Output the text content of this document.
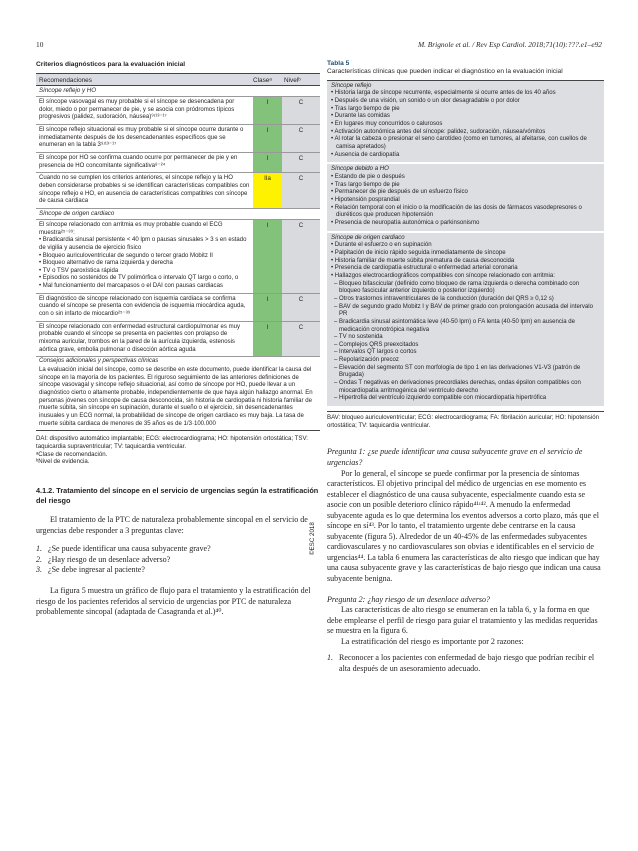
10	M. Brignole et al. / Rev Esp Cardiol. 2018;71(10):???.e1–e92
Criterios diagnósticos para la evaluación inicial
Recomendaciones	Claseᵃ Nivelᵇ
Síncope reflejo y HO
El síncope vasovagal es muy probable si el síncope se desencadena por dolor, miedo o por permanecer de pie, y se asocia con pródromos típicos progresivos (palidez, sudoración, náusea)⁹ʴ¹³⁻¹⁷
I	C
El síncope reflejo situacional es muy probable si el síncope ocurre durante o inmediatamente después de los desencadenantes específicos que se enumeran en la tabla 3⁹ʴ¹³⁻¹⁷
I	C
El síncope por HO se confirma cuando ocurre por permanecer de pie y en presencia de HO concomitante significativa⁸⁻²⁴
I	C
Cuando no se cumplen los criterios anteriores, el síncope reflejo y la HO deben considerarse probables si se identifican características compatibles con síncope reflejo e HO, en ausencia de características compatibles con síncope de causa cardiaca
IIa	C
Síncope de origen cardiaco
El síncope relacionado con arritmia es muy probable cuando el ECG muestra²⁵⁻³⁹:
• Bradicardia sinusal persistente < 40 lpm o pausas sinusales > 3 s en estado de vigilia y ausencia de ejercicio físico
• Bloqueo auriculoventricular de segundo o tercer grado Mobitz II
• Bloqueo alternativo de rama izquierda y derecha
• TV o TSV paroxística rápida
• Episodios no sostenidos de TV polimórfica o intervalo QT largo o corto, o
• Mal funcionamiento del marcapasos o el DAI con pausas cardiacas
I	C
El diagnóstico de síncope relacionado con isquemia cardiaca se confirma cuando el síncope se presenta con evidencia de isquemia miocárdica aguda, con o sin infarto de miocardio²⁵⁻³⁹
I	C
El síncope relacionado con enfermedad estructural cardiopulmonar es muy probable cuando el síncope se presenta en pacientes con prolapso de mixoma auricular, trombos en la pared de la aurícula izquierda, estenosis aórtica grave, embolia pulmonar o disección aórtica aguda
I	C
Consejos adicionales y perspectivas clínicas
La evaluación inicial del síncope, como se describe en este documento, puede identificar la causa del síncope en la mayoría de los pacientes. El riguroso seguimiento de las anteriores definiciones de síncope vasovagal y síncope reflejo situacional, así como de síncope por HO, puede llevar a un diagnóstico cierto o altamente probable, independientemente de que haya algún hallazgo anormal. En personas jóvenes con síncope de causa desconocida, sin historia de cardiopatía ni historia familiar de muerte súbita, sin síncope en supinación, durante el sueño o el ejercicio, sin desencadenantes inusuales y un ECG normal, la probabilidad de síncope de origen cardiaco es muy baja. La tasa de muerte súbita cardiaca de menores de 35 años es de 1/3·100.000
DAI: dispositivo automático implantable; ECG: electrocardiograma; HO: hipotensión ortostática; TSV: taquicardia supraventricular; TV: taquicardia ventricular.
ᵃClase de recomendación.
ᵇNivel de evidencia.
4.1.2. Tratamiento del síncope en el servicio de urgencias según la estratificación del riesgo

El tratamiento de la PTC de naturaleza probablemente sincopal en el servicio de urgencias debe responder a 3 preguntas clave:

1. ¿Se puede identificar una causa subyacente grave?
2. ¿Hay riesgo de un desenlace adverso?
3. ¿Se debe ingresar al paciente?

La figura 5 muestra un gráfico de flujo para el tratamiento y la estratificación del riesgo de los pacientes referidos al servicio de urgencias por PTC de naturaleza probablemente sincopal (adaptada de Casagranda et al.)⁴⁰.

©ESC 2018
Tabla 5
Características clínicas que pueden indicar el diagnóstico en la evaluación inicial
Síncope reflejo
• Historia larga de síncope recurrente, especialmente si ocurre antes de los 40 años
• Después de una visión, un sonido o un olor desagradable o por dolor
• Tras largo tiempo de pie
• Durante las comidas
• En lugares muy concurridos o calurosos
• Activación autonómica antes del síncope: palidez, sudoración, náusea/vómitos
• Al rotar la cabeza o presionar el seno carotídeo (como en tumores, al afeitarse, con cuellos de camisa apretados)
• Ausencia de cardiopatía
Síncope debido a HO
• Estando de pie o después
• Tras largo tiempo de pie
• Permanecer de pie después de un esfuerzo físico
• Hipotensión posprandial
• Relación temporal con el inicio o la modificación de las dosis de fármacos vasodepresores o diuréticos que producen hipotensión
• Presencia de neuropatía autonómica o parkinsonismo
Síncope de origen cardiaco
• Durante el esfuerzo o en supinación
• Palpitación de inicio rápido seguida inmediatamente de síncope
• Historia familiar de muerte súbita prematura de causa desconocida
• Presencia de cardiopatía estructural o enfermedad arterial coronaria
• Hallazgos electrocardiográficos compatibles con síncope relacionado con arritmia:
– Bloqueo bifascicular (definido como bloqueo de rama izquierda o derecha combinado con bloqueo fascicular anterior izquierdo o posterior izquierdo)
– Otros trastornos intraventriculares de la conducción (duración del QRS ≥ 0,12 s)
– BAV de segundo grado Mobitz I y BAV de primer grado con prolongación acusada del intervalo PR
– Bradicardia sinusal asintomática leve (40-50 lpm) o FA lenta (40-50 lpm) en ausencia de medicación cronotrópica negativa
– TV no sostenida
– Complejos QRS preexcitados
– Intervalos QT largos o cortos
– Repolarización precoz
– Elevación del segmento ST con morfología de tipo 1 en las derivaciones V1-V3 (patrón de Brugada)
– Ondas T negativas en derivaciones precordiales derechas, ondas épsilon compatibles con miocardiopatía arritmogénica del ventrículo derecho
– Hipertrofia del ventrículo izquierdo compatible con miocardiopatía hipertrófica
BAV: bloqueo auriculoventricular; ECG: electrocardiograma; FA: fibrilación auricular; HO: hipotensión ortostática; TV: taquicardia ventricular.
Pregunta 1: ¿se puede identificar una causa subyacente grave en el servicio de urgencias?

Por lo general, el síncope se puede confirmar por la presencia de síntomas característicos. El objetivo principal del médico de urgencias en ese momento es establecer el diagnóstico de una causa subyacente, especialmente cuando esta se asocie con un posible deterioro clínico rápido⁴¹ʴ⁴². A menudo la enfermedad subyacente aguda es lo que determina los eventos adversos a corto plazo, más que el síncope en sí⁴³. Por lo tanto, el tratamiento urgente debe centrarse en la causa subyacente (figura 5). Alrededor de un 40-45% de las enfermedades subyacentes cardiovasculares y no cardiovasculares son obvias e identificables en el servicio de urgencias⁴⁴. La tabla 6 enumera las características de alto riesgo que indican que hay una causa subyacente grave y las características de bajo riesgo que indican una causa subyacente benigna.

Pregunta 2: ¿hay riesgo de un desenlace adverso?

Las características de alto riesgo se enumeran en la tabla 6, y la forma en que debe emplearse el perfil de riesgo para guiar el tratamiento y las medidas requeridas se muestra en la figura 6.

La estratificación del riesgo es importante por 2 razones:

1. Reconocer a los pacientes con enfermedad de bajo riesgo que podrían recibir el alta después de un asesoramiento adecuado.
